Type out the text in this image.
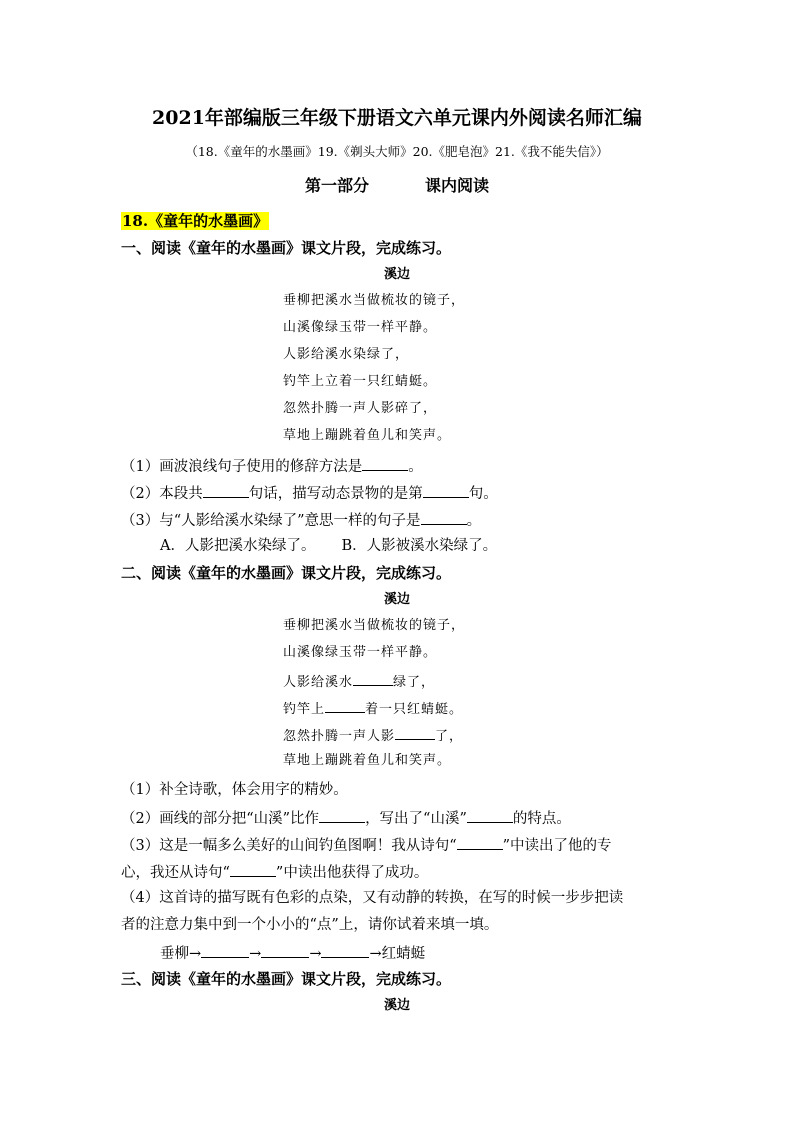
2021年部编版三年级下册语文六单元课内外阅读名师汇编
（18.《童年的水墨画》19.《剃头大师》20.《肥皂泡》21.《我不能失信》）
第一部分	课内阅读
18.《童年的水墨画》
一、阅读《童年的水墨画》课文片段，完成练习。
溪边
垂柳把溪水当做梳妆的镜子，
山溪像绿玉带一样平静。
人影给溪水染绿了，
钓竿上立着一只红蜻蜓。
忽然扑腾一声人影碎了，
草地上蹦跳着鱼儿和笑声。
（1）画波浪线句子使用的修辞方法是	。
（2）本段共	句话，描写动态景物的是第	句。
（3）与“人影给溪水染绿了”意思一样的句子是	。
A．人影把溪水染绿了。 B．人影被溪水染绿了。
二、阅读《童年的水墨画》课文片段，完成练习。
溪边
垂柳把溪水当做梳妆的镜子，
山溪像绿玉带一样平静。
人影给溪水	绿了，
钓竿上	着一只红蜻蜓。
忽然扑腾一声人影	了，
草地上蹦跳着鱼儿和笑声。
（1）补全诗歌，体会用字的精妙。
（2）画线的部分把“山溪”比作	，写出了“山溪”	的特点。
（3）这是一幅多么美好的山间钓鱼图啊！我从诗句“	”中读出了他的专
心，我还从诗句“	”中读出他获得了成功。
（4）这首诗的描写既有色彩的点染，又有动静的转换，在写的时候一步步把读
者的注意力集中到一个小小的“点”上，请你试着来填一填。
垂柳→	→	→	→红蜻蜓
三、阅读《童年的水墨画》课文片段，完成练习。
溪边
